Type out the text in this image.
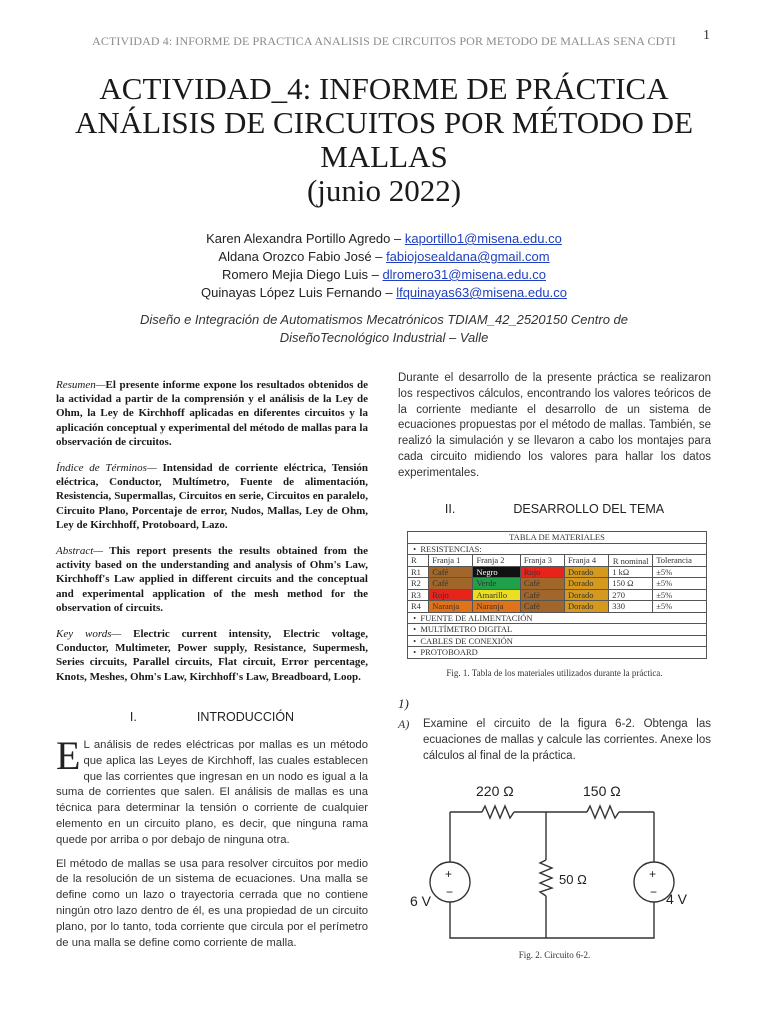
ACTIVIDAD 4: INFORME DE PRACTICA ANALISIS DE CIRCUITOS POR METODO DE MALLAS SENA CDTI	1
ACTIVIDAD_4: INFORME DE PRÁCTICA
ANÁLISIS DE CIRCUITOS POR MÉTODO DE
MALLAS
(junio 2022)
Karen Alexandra Portillo Agredo – kaportillo1@misena.edu.co
Aldana Orozco Fabio José – fabiojosealdana@gmail.com
Romero Mejia Diego Luis – dlromero31@misena.edu.co
Quinayas López Luis Fernando – lfquinayas63@misena.edu.co
Diseño e Integración de Automatismos Mecatrónicos TDIAM_42_2520150 Centro de DiseñoTecnológico Industrial – Valle

Resumen—El presente informe expone los resultados obtenidos de la actividad a partir de la comprensión y el análisis de la Ley de Ohm, la Ley de Kirchhoff aplicadas en diferentes circuitos y la aplicación conceptual y experimental del método de mallas para la observación de circuitos.

Índice de Términos— Intensidad de corriente eléctrica, Tensión eléctrica, Conductor, Multímetro, Fuente de alimentación, Resistencia, Supermallas, Circuitos en serie, Circuitos en paralelo, Circuito Plano, Porcentaje de error, Nudos, Mallas, Ley de Ohm, Ley de Kirchhoff, Protoboard, Lazo.

Abstract— This report presents the results obtained from the activity based on the understanding and analysis of Ohm's Law, Kirchhoff's Law applied in different circuits and the conceptual and experimental application of the mesh method for the observation of circuits.

Key words— Electric current intensity, Electric voltage, Conductor, Multimeter, Power supply, Resistance, Supermesh, Series circuits, Parallel circuits, Flat circuit, Error percentage, Knots, Meshes, Ohm's Law, Kirchhoff's Law, Breadboard, Loop.

I.	INTRODUCCIÓN

E L análisis de redes eléctricas por mallas es un método que aplica las Leyes de Kirchhoff, las cuales establecen que las corrientes que ingresan en un nodo es igual a la suma de corrientes que salen. El análisis de mallas es una técnica para determinar la tensión o corriente de cualquier elemento en un circuito plano, es decir, que ninguna rama quede por arriba o por debajo de ninguna otra.

El método de mallas se usa para resolver circuitos por medio de la resolución de un sistema de ecuaciones. Una malla se define como un lazo o trayectoria cerrada que no contiene ningún otro lazo dentro de él, es una propiedad de un circuito plano, por lo tanto, toda corriente que circula por el perímetro de una malla se define como corriente de malla.

Durante el desarrollo de la presente práctica se realizaron los respectivos cálculos, encontrando los valores teóricos de la corriente mediante el desarrollo de un sistema de ecuaciones propuestas por el método de mallas. También, se realizó la simulación y se llevaron a cabo los montajes para cada circuito midiendo los valores para hallar los datos experimentales.

II.	DESARROLLO DEL TEMA
TABLA DE MATERIALES						
•  RESISTENCIAS:						
R	Franja 1	Franja 2	Franja 3	Franja 4	R nominal	Tolerancia
R1	Café	Negro	Rojo	Dorado	1 kΩ	±5%
R2	Café	Verde	Café	Dorado	150 Ω	±5%
R3	Rojo	Amarillo	Café	Dorado	270	±5%
R4	Naranja	Naranja	Café	Dorado	330	±5%
•  FUENTE DE ALIMENTACIÓN						
•  MULTÍMETRO DIGITAL						
•  CABLES DE CONEXIÓN						
•  PROTOBOARD						
Fig. 1. Tabla de los materiales utilizados durante la práctica.
1)
A)	Examine el circuito de la figura 6-2. Obtenga las ecuaciones de mallas y calcule las corrientes. Anexe los cálculos al final de la práctica.
220 Ω	150 Ω
50 Ω
6 V	4 V
+
−
+
−
Fig. 2. Circuito 6-2.
